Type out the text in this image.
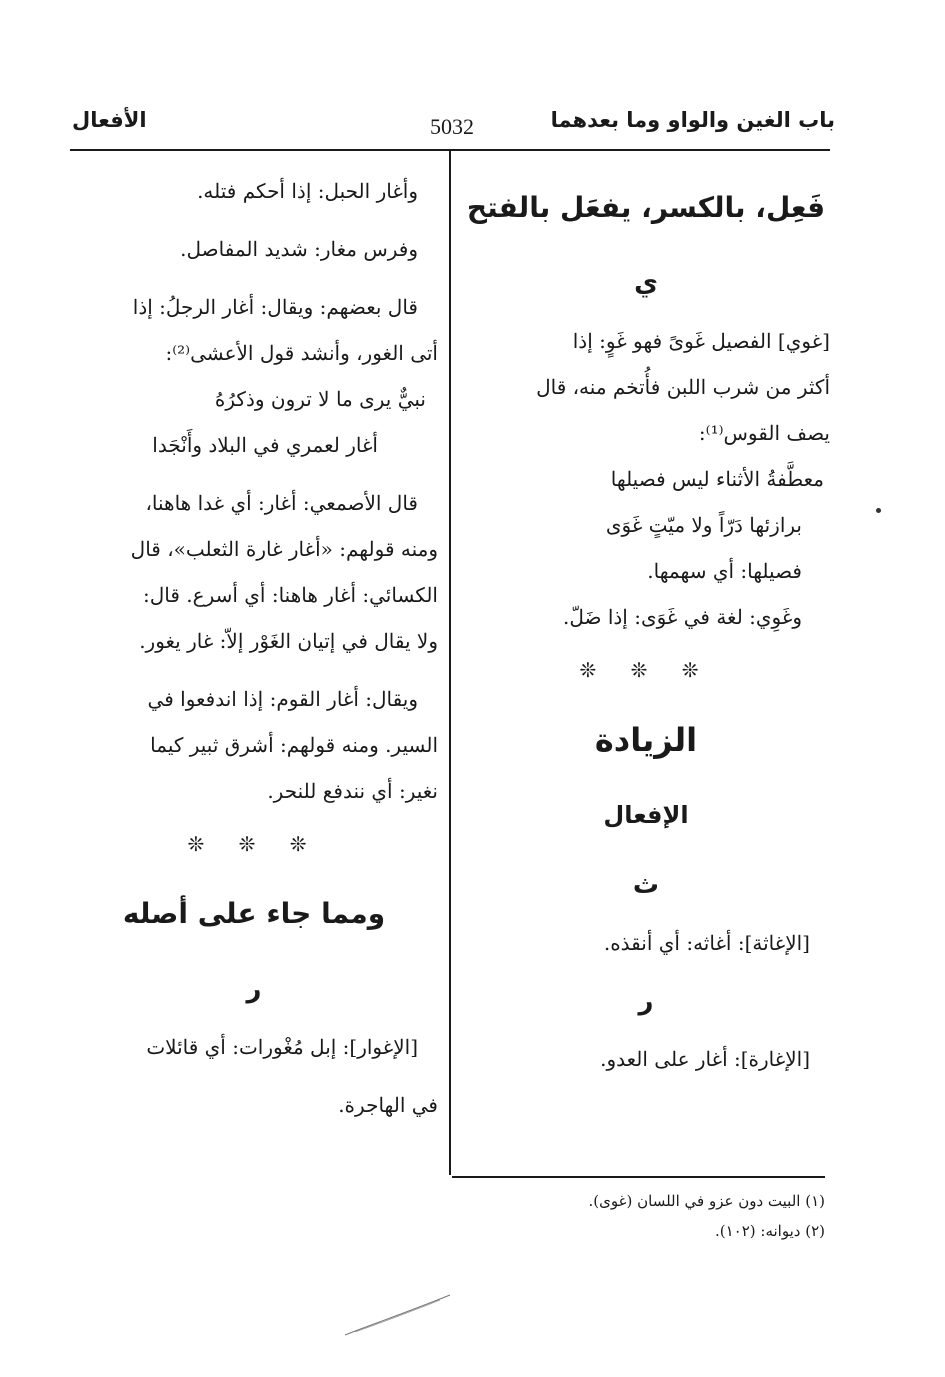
باب الغين والواو وما بعدهما
5032
الأفعال
فَعِل، بالكسر، يفعَل بالفتح
ي
[غوي] الفصيل غَوىً فهو غَوٍ: إذا
أكثر من شرب اللبن فأُتخم منه، قال
يصف القوس⁽¹⁾:
معطَّفةُ الأثناء ليس فصيلها
برازئها دَرّاً ولا ميّتٍ غَوَى
فصيلها: أي سهمها.
وغَوِي: لغة في غَوَى: إذا ضَلّ.
❊ ❊ ❊
الزيادة
الإفعال
ث
[الإغاثة]: أغاثه: أي أنقذه.
ر
[الإغارة]: أغار على العدو.
وأغار الحبل: إذا أحكم فتله.
وفرس مغار: شديد المفاصل.
قال بعضهم: ويقال: أغار الرجلُ: إذا
أتى الغور، وأنشد قول الأعشى⁽²⁾:
نبيٌّ يرى ما لا ترون وذكرُهُ
أغار لعمري في البلاد وأَنْجَدا
قال الأصمعي: أغار: أي غدا هاهنا،
ومنه قولهم: «أغار غارة الثعلب»، قال
الكسائي: أغار هاهنا: أي أسرع. قال:
ولا يقال في إتيان الغَوْر إلاّ: غار يغور.
ويقال: أغار القوم: إذا اندفعوا في
السير. ومنه قولهم: أشرق ثبير كيما
نغير: أي نندفع للنحر.
❊ ❊ ❊
ومما جاء على أصله
ر
[الإغوار]: إبل مُغْورات: أي قائلات
في الهاجرة.
(١) البيت دون عزو في اللسان (غوى).
(٢) ديوانه: (١٠٢).
